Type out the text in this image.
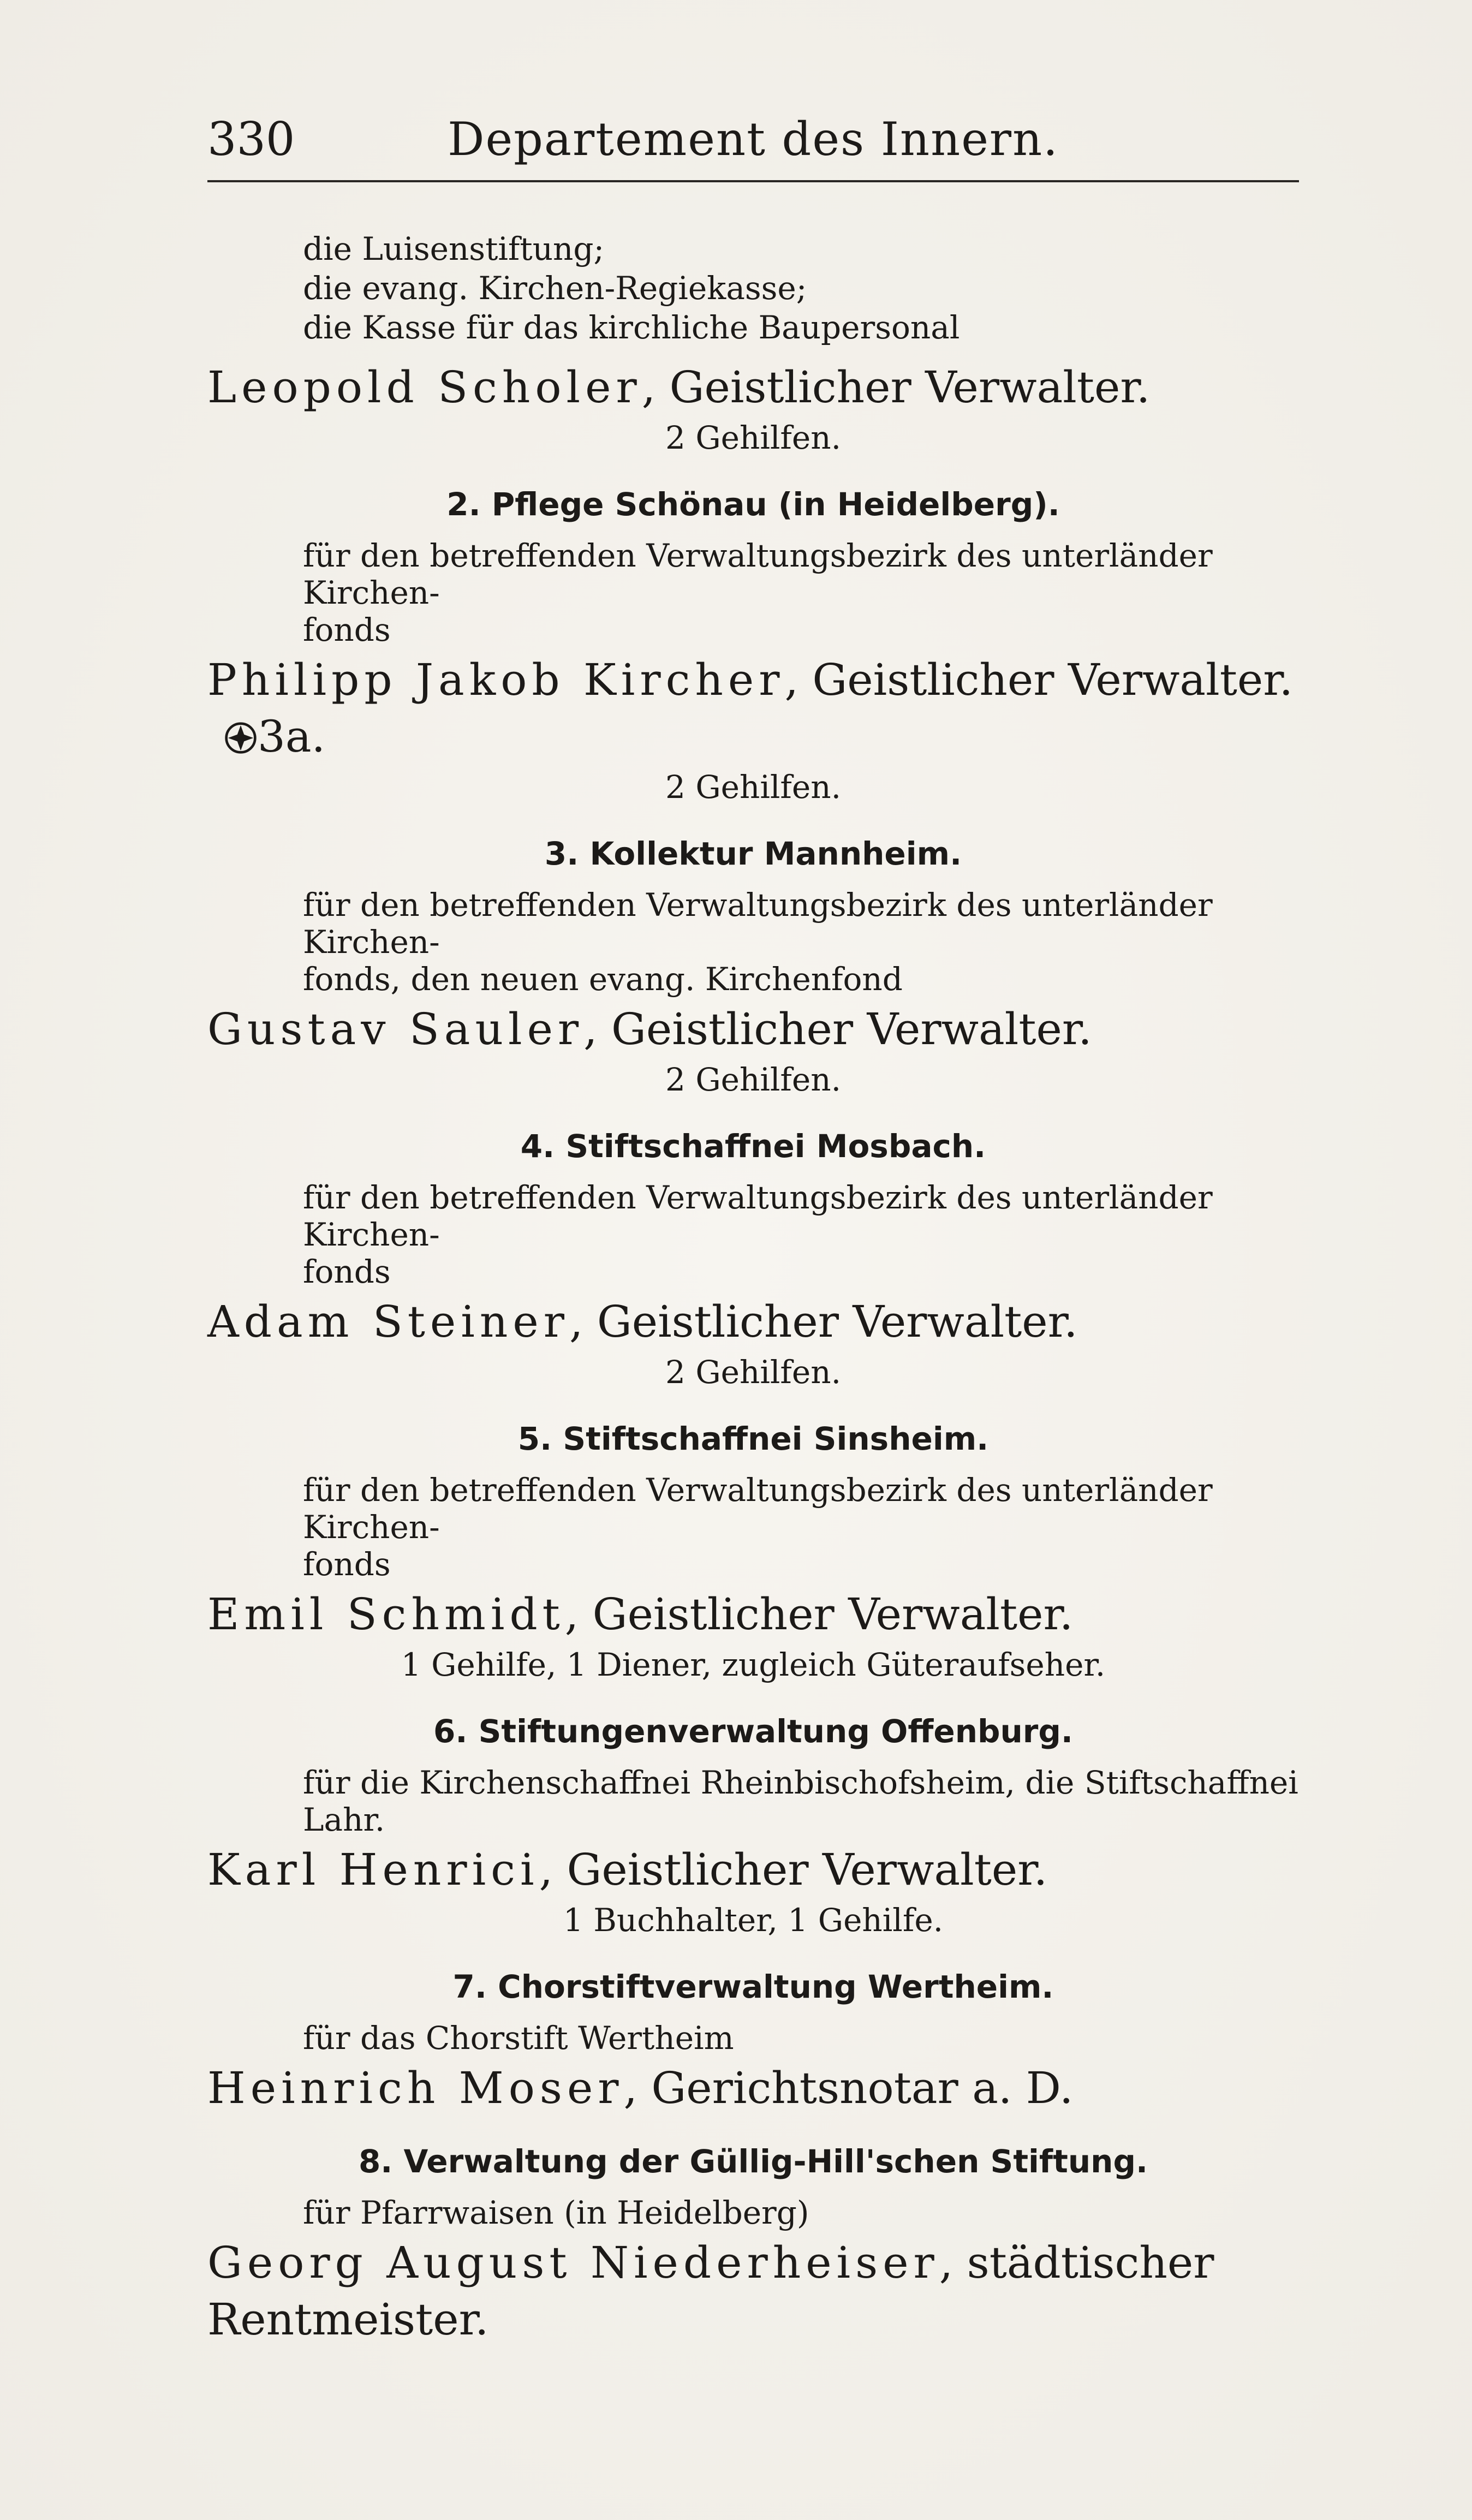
330	Departement des Innern.
die Luisenstiftung;
die evang. Kirchen-Regiekasse;
die Kasse für das kirchliche Baupersonal
Leopold Scholer, Geistlicher Verwalter.
2 Gehilfen.
2. Pflege Schönau (in Heidelberg).
für den betreffenden Verwaltungsbezirk des unterländer Kirchen-
fonds
Philipp Jakob Kircher, Geistlicher Verwalter. 3a.
2 Gehilfen.
3. Kollektur Mannheim.
für den betreffenden Verwaltungsbezirk des unterländer Kirchen-
fonds, den neuen evang. Kirchenfond
Gustav Sauler, Geistlicher Verwalter.
2 Gehilfen.
4. Stiftschaffnei Mosbach.
für den betreffenden Verwaltungsbezirk des unterländer Kirchen-
fonds
Adam Steiner, Geistlicher Verwalter.
2 Gehilfen.
5. Stiftschaffnei Sinsheim.
für den betreffenden Verwaltungsbezirk des unterländer Kirchen-
fonds
Emil Schmidt, Geistlicher Verwalter.
1 Gehilfe, 1 Diener, zugleich Güteraufseher.
6. Stiftungenverwaltung Offenburg.
für die Kirchenschaffnei Rheinbischofsheim, die Stiftschaffnei Lahr.
Karl Henrici, Geistlicher Verwalter.
1 Buchhalter, 1 Gehilfe.
7. Chorstiftverwaltung Wertheim.
für das Chorstift Wertheim
Heinrich Moser, Gerichtsnotar a. D.
8. Verwaltung der Güllig-Hill'schen Stiftung.
für Pfarrwaisen (in Heidelberg)
Georg August Niederheiser, städtischer Rentmeister.
